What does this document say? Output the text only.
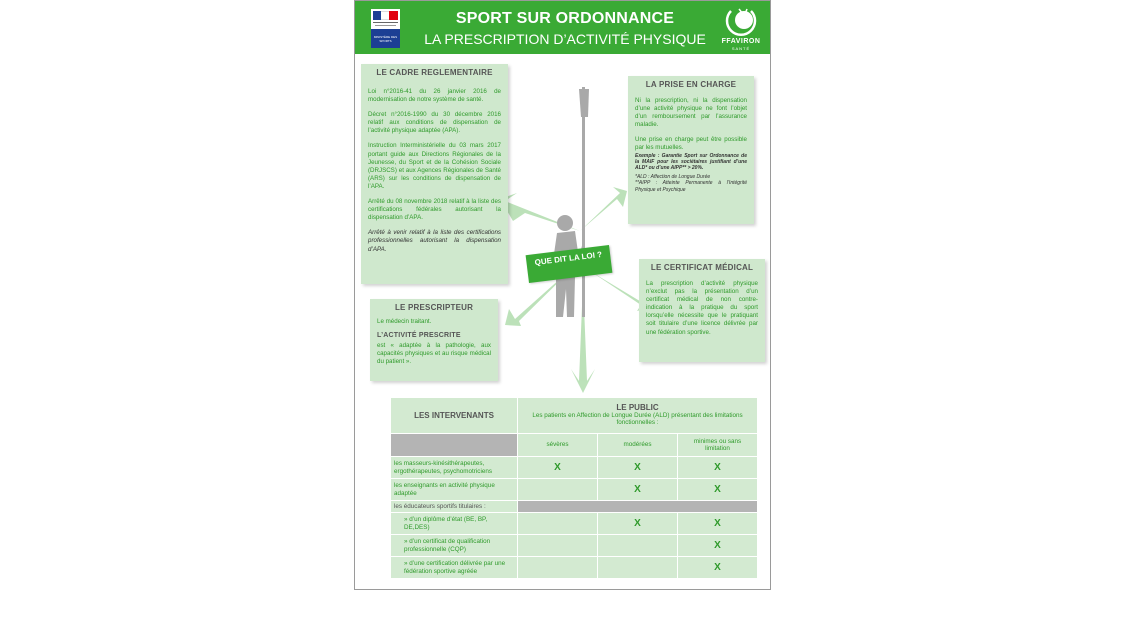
MINISTÈRE DES SPORTS
SPORT SUR ORDONNANCE
LA PRESCRIPTION D’ACTIVITÉ PHYSIQUE	FFAVIRON
SANTÉ
LE CADRE REGLEMENTAIRE

Loi n°2016-41 du 26 janvier 2016 de modernisation de notre système de santé.

Décret n°2016-1990 du 30 décembre 2016 relatif aux conditions de dispensation de l’activité physique adaptée (APA).

Instruction Interministérielle du 03 mars 2017 portant guide aux Directions Régionales de la Jeunesse, du Sport et de la Cohésion Sociale (DRJSCS) et aux Agences Régionales de Santé (ARS) sur les conditions de dispensation de l’APA.

Arrêté du 08 novembre 2018 relatif à la liste des certifications fédérales autorisant la dispensation d’APA.

Arrêté à venir relatif à la liste des certifications professionnelles autorisant la dispensation d’APA.

LA PRISE EN CHARGE

Ni la prescription, ni la dispensation d’une activité physique ne font l’objet d’un remboursement par l’assurance maladie.

Une prise en charge peut être possible par les mutuelles.

Exemple : Garantie Sport sur Ordonnance de la MAIF pour les sociétaires justifiant d’une ALD* ou d’une AIPP** > 20%.

*ALD : Affection de Longue Durée

**AIPP : Atteinte Permanente à l’Intégrité Physique et Psychique

QUE DIT LA LOI ?
LE CERTIFICAT MÉDICAL

La prescription d’activité physique n’exclut pas la présentation d’un certificat médical de non contre-indication à la pratique du sport lorsqu’elle nécessite que le pratiquant soit titulaire d’une licence délivrée par une fédération sportive.

LE PRESCRIPTEUR

Le médecin traitant.

L’ACTIVITÉ PRESCRITE

est « adaptée à la pathologie, aux capacités physiques et au risque médical du patient ».

LES INTERVENANTS	LE PUBLIC
Les patients en Affection de Longue Durée (ALD) présentant des limitations fonctionnelles :		

	sévères	modérées	minimes ou sans limitation
les masseurs-kinésithérapeutes, ergothérapeutes, psychomotriciens	X	X	X
les enseignants en activité physique adaptée		X	X
les éducateurs sportifs titulaires :			
» d’un diplôme d’état (BE, BP, DE,DES)		X	X
» d’un certificat de qualification professionnelle (CQP)			X
» d’une certification délivrée par une fédération sportive agréée			X
